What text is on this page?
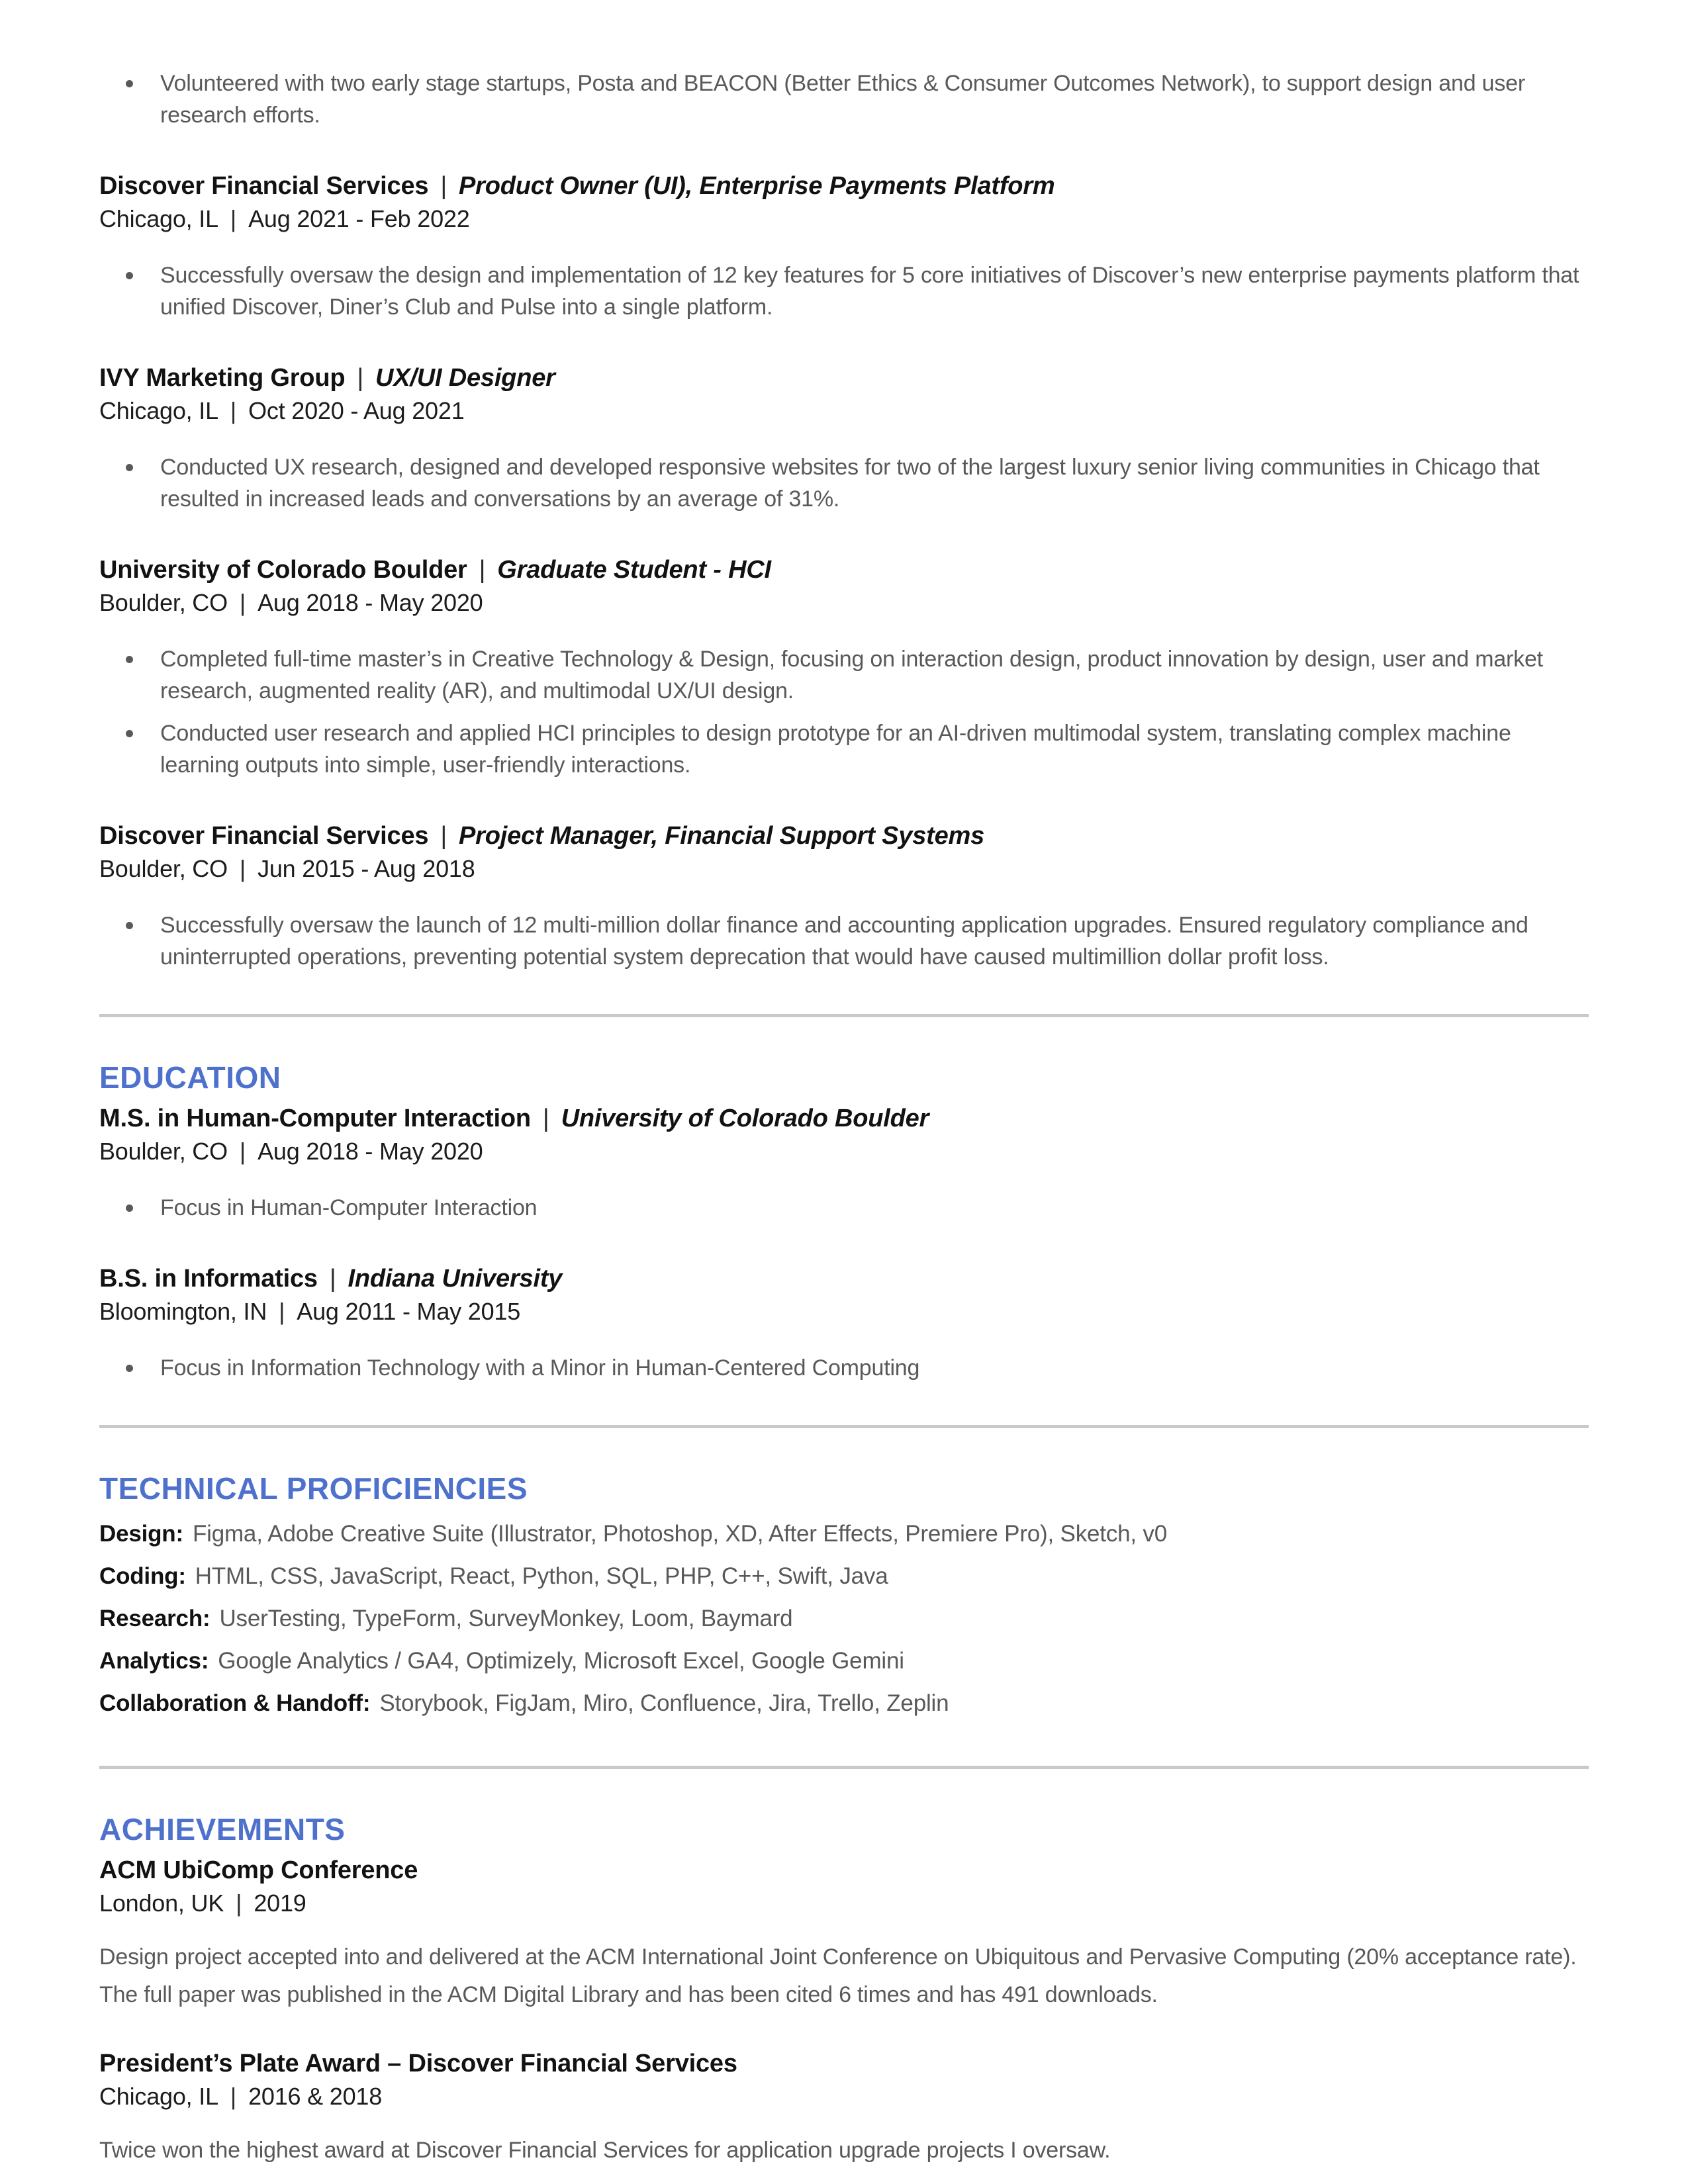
Volunteered with two early stage startups, Posta and BEACON (Better Ethics & Consumer Outcomes Network), to support design and user research efforts.
Discover Financial Services | Product Owner (UI), Enterprise Payments Platform
Chicago, IL | Aug 2021 - Feb 2022
Successfully oversaw the design and implementation of 12 key features for 5 core initiatives of Discover’s new enterprise payments platform that unified Discover, Diner’s Club and Pulse into a single platform.
IVY Marketing Group | UX/UI Designer
Chicago, IL | Oct 2020 - Aug 2021
Conducted UX research, designed and developed responsive websites for two of the largest luxury senior living communities in Chicago that resulted in increased leads and conversations by an average of 31%.
University of Colorado Boulder | Graduate Student - HCI
Boulder, CO | Aug 2018 - May 2020
Completed full-time master’s in Creative Technology & Design, focusing on interaction design, product innovation by design, user and market research, augmented reality (AR), and multimodal UX/UI design.
Conducted user research and applied HCI principles to design prototype for an AI-driven multimodal system, translating complex machine learning outputs into simple, user-friendly interactions.
Discover Financial Services | Project Manager, Financial Support Systems
Boulder, CO | Jun 2015 - Aug 2018
Successfully oversaw the launch of 12 multi-million dollar finance and accounting application upgrades. Ensured regulatory compliance and uninterrupted operations, preventing potential system deprecation that would have caused multimillion dollar profit loss.
EDUCATION
M.S. in Human-Computer Interaction | University of Colorado Boulder
Boulder, CO | Aug 2018 - May 2020
Focus in Human-Computer Interaction
B.S. in Informatics | Indiana University
Bloomington, IN | Aug 2011 - May 2015
Focus in Information Technology with a Minor in Human-Centered Computing
TECHNICAL PROFICIENCIES
Design: Figma, Adobe Creative Suite (Illustrator, Photoshop, XD, After Effects, Premiere Pro), Sketch, v0
Coding: HTML, CSS, JavaScript, React, Python, SQL, PHP, C++, Swift, Java
Research: UserTesting, TypeForm, SurveyMonkey, Loom, Baymard
Analytics: Google Analytics / GA4, Optimizely, Microsoft Excel, Google Gemini
Collaboration & Handoff: Storybook, FigJam, Miro, Confluence, Jira, Trello, Zeplin
ACHIEVEMENTS
ACM UbiComp Conference
London, UK | 2019
Design project accepted into and delivered at the ACM International Joint Conference on Ubiquitous and Pervasive Computing (20% acceptance rate). The full paper was published in the ACM Digital Library and has been cited 6 times and has 491 downloads.
President’s Plate Award – Discover Financial Services
Chicago, IL | 2016 & 2018
Twice won the highest award at Discover Financial Services for application upgrade projects I oversaw.
